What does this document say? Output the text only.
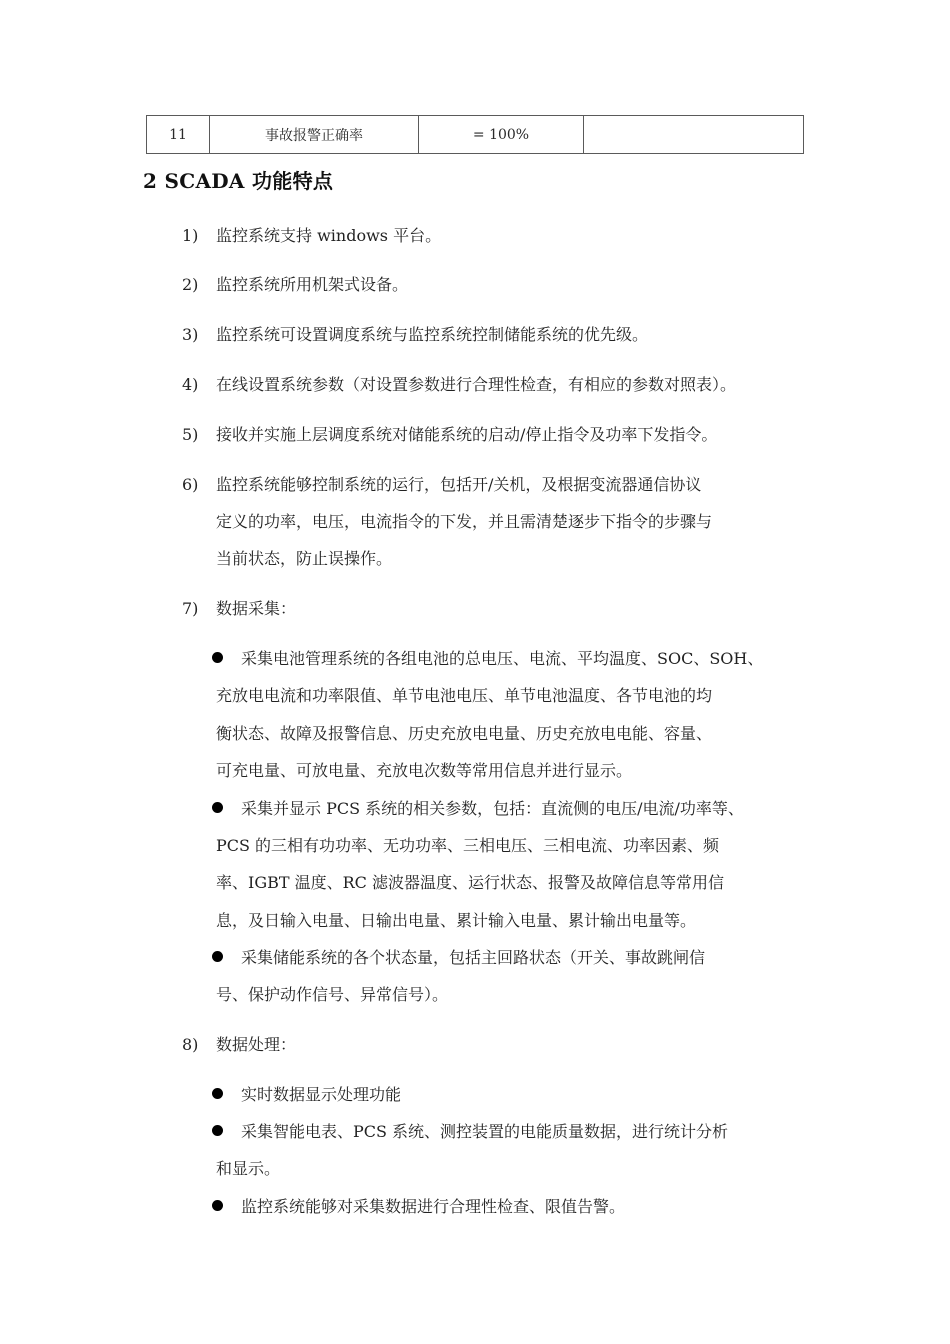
11	事故报警正确率	= 100%	
2 SCADA 功能特点
1) 监控系统支持 windows 平台。
2) 监控系统所用机架式设备。
3) 监控系统可设置调度系统与监控系统控制储能系统的优先级。
4) 在线设置系统参数（对设置参数进行合理性检查，有相应的参数对照表）。
5) 接收并实施上层调度系统对储能系统的启动/停止指令及功率下发指令。
6) 监控系统能够控制系统的运行，包括开/关机，及根据变流器通信协议
定义的功率，电压，电流指令的下发，并且需清楚逐步下指令的步骤与
当前状态，防止误操作。
7) 数据采集：
采集电池管理系统的各组电池的总电压、电流、平均温度、SOC、SOH、
充放电电流和功率限值、单节电池电压、单节电池温度、各节电池的均
衡状态、故障及报警信息、历史充放电电量、历史充放电电能、容量、
可充电量、可放电量、充放电次数等常用信息并进行显示。
采集并显示 PCS 系统的相关参数，包括：直流侧的电压/电流/功率等、
PCS 的三相有功功率、无功功率、三相电压、三相电流、功率因素、频
率、IGBT 温度、RC 滤波器温度、运行状态、报警及故障信息等常用信
息，及日输入电量、日输出电量、累计输入电量、累计输出电量等。
采集储能系统的各个状态量，包括主回路状态（开关、事故跳闸信
号、保护动作信号、异常信号）。
8) 数据处理：
实时数据显示处理功能
采集智能电表、PCS 系统、测控装置的电能质量数据，进行统计分析
和显示。
监控系统能够对采集数据进行合理性检查、限值告警。
